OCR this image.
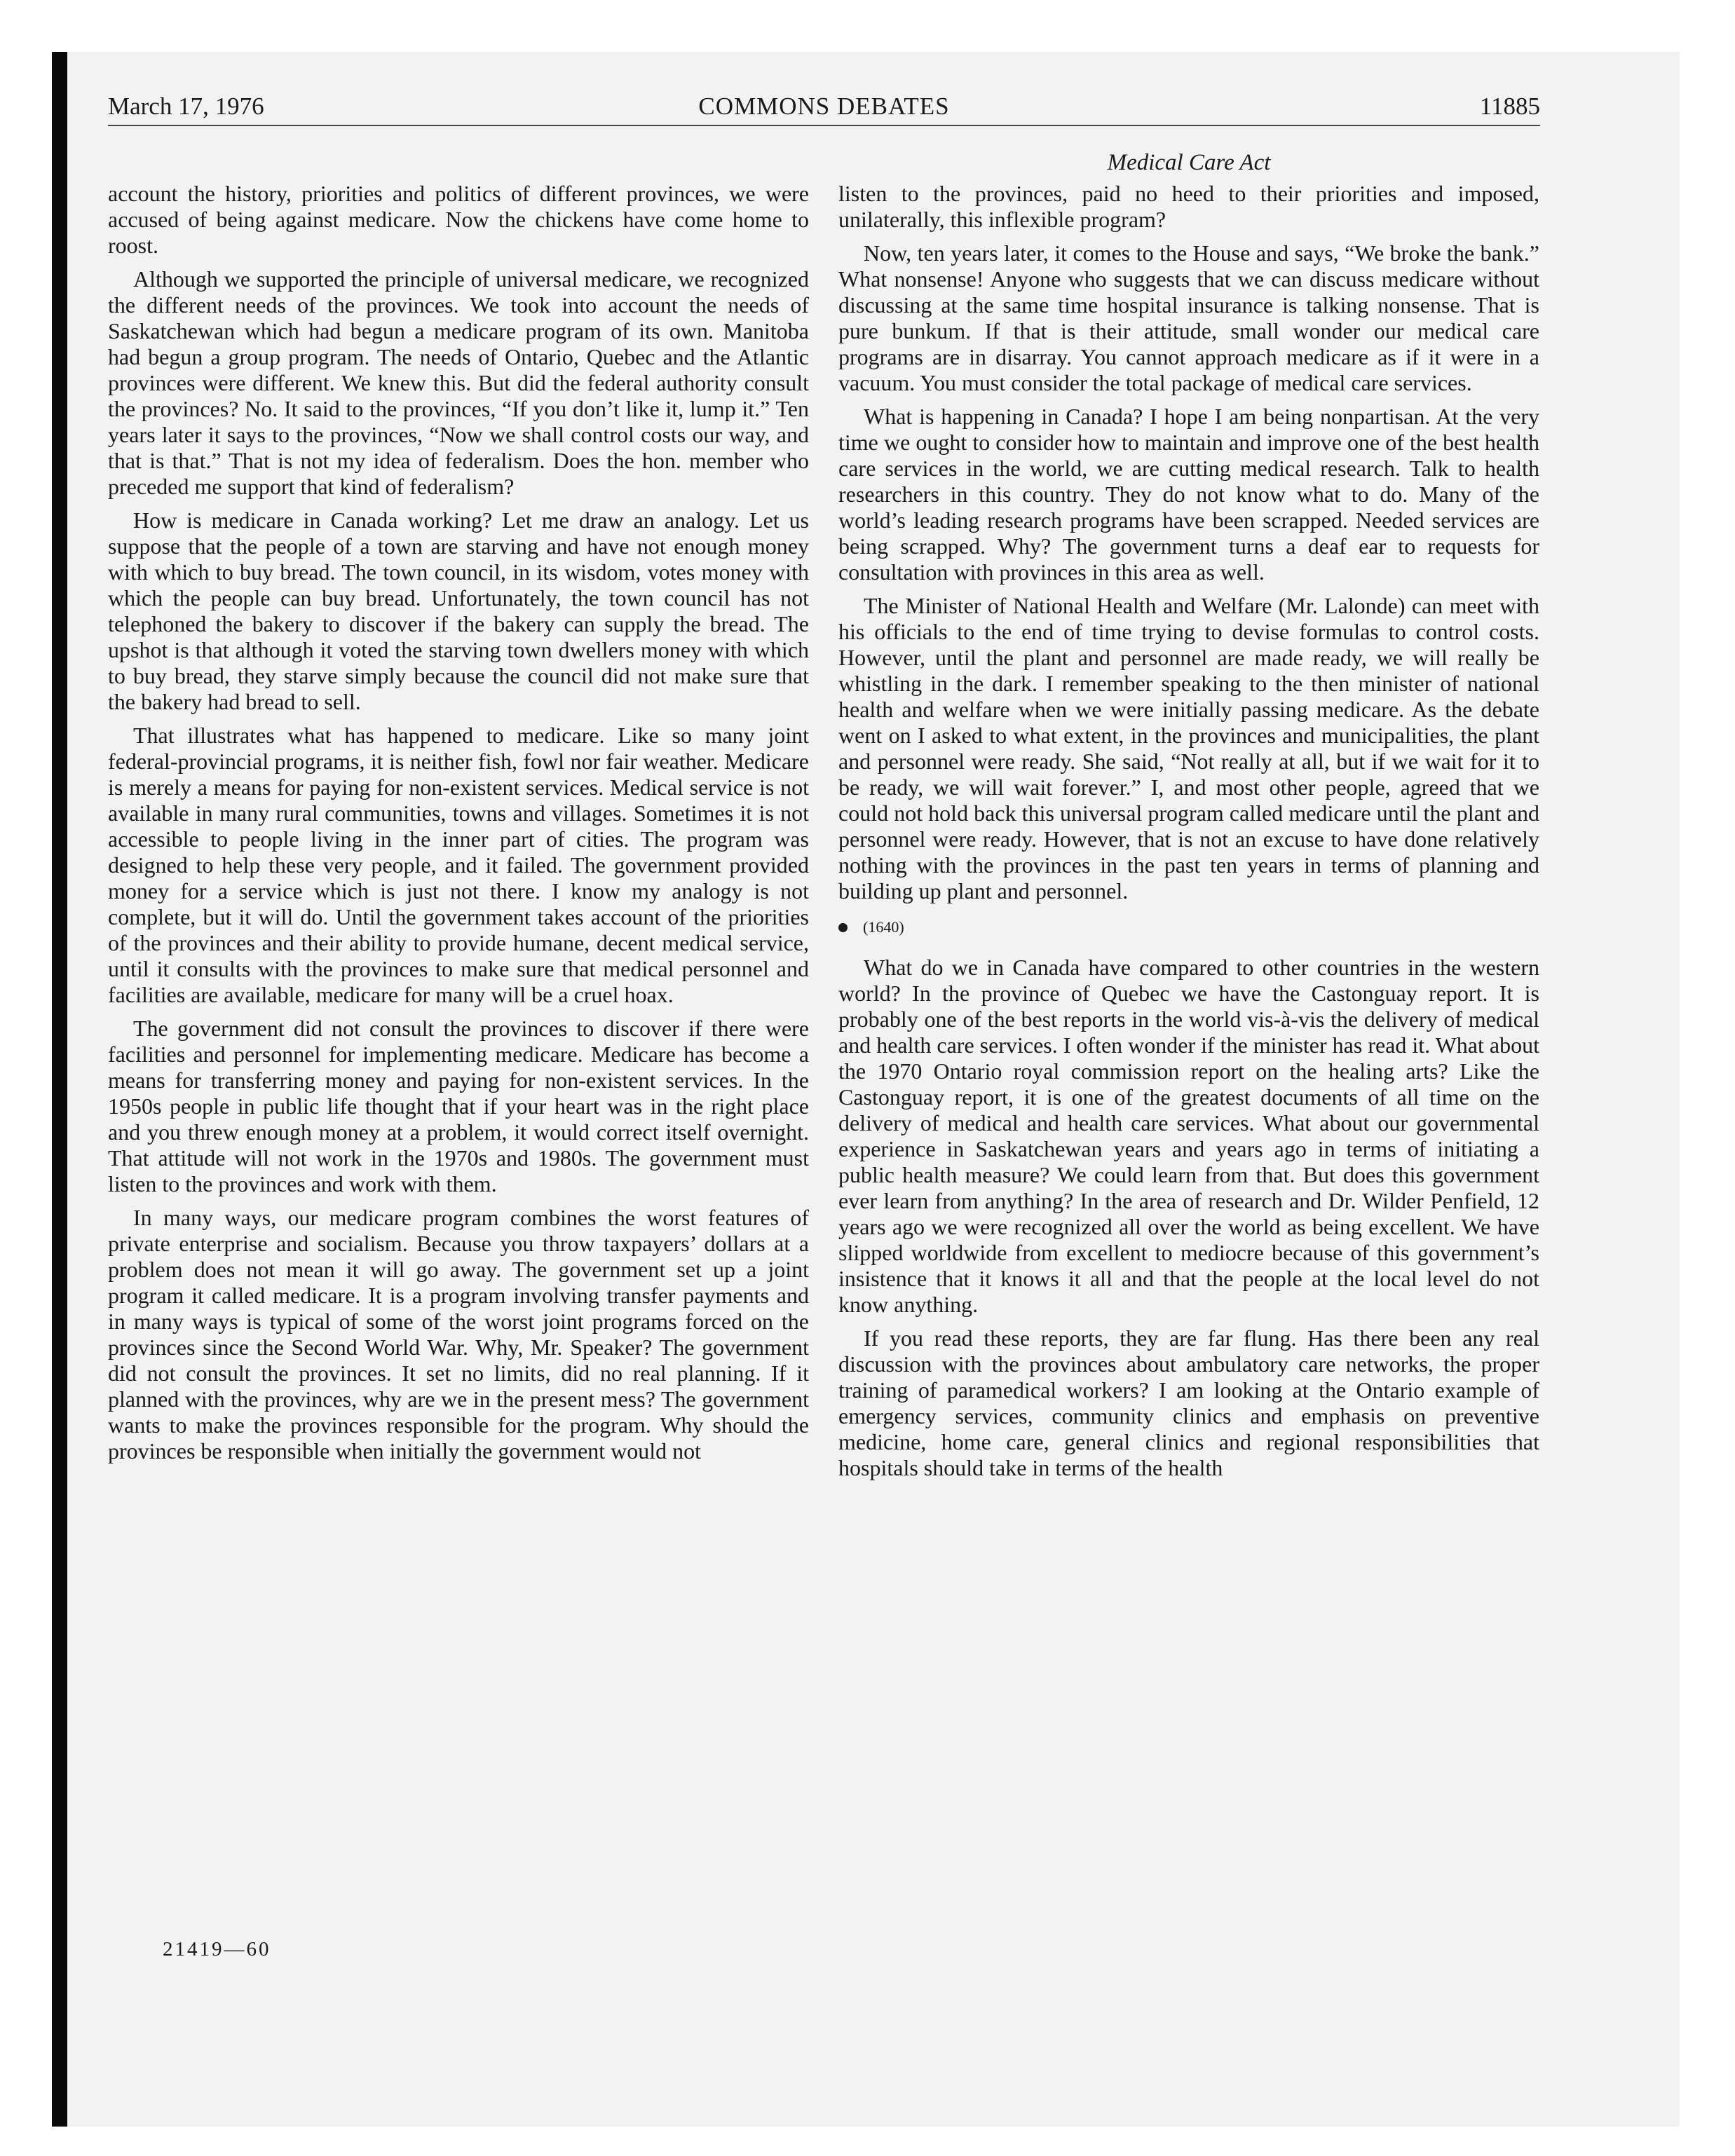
March 17, 1976	COMMONS DEBATES	11885
Medical Care Act

account the history, priorities and politics of different provinces, we were accused of being against medicare. Now the chickens have come home to roost.

Although we supported the principle of universal medicare, we recognized the different needs of the provinces. We took into account the needs of Saskatchewan which had begun a medicare program of its own. Manitoba had begun a group program. The needs of Ontario, Quebec and the Atlantic provinces were different. We knew this. But did the federal authority consult the provinces? No. It said to the provinces, “If you don’t like it, lump it.” Ten years later it says to the provinces, “Now we shall control costs our way, and that is that.” That is not my idea of federalism. Does the hon. member who preceded me support that kind of federalism?

How is medicare in Canada working? Let me draw an analogy. Let us suppose that the people of a town are starving and have not enough money with which to buy bread. The town council, in its wisdom, votes money with which the people can buy bread. Unfortunately, the town council has not telephoned the bakery to discover if the bakery can supply the bread. The upshot is that although it voted the starving town dwellers money with which to buy bread, they starve simply because the council did not make sure that the bakery had bread to sell.

That illustrates what has happened to medicare. Like so many joint federal-provincial programs, it is neither fish, fowl nor fair weather. Medicare is merely a means for paying for non-existent services. Medical service is not available in many rural communities, towns and villages. Sometimes it is not accessible to people living in the inner part of cities. The program was designed to help these very people, and it failed. The government provided money for a service which is just not there. I know my analogy is not complete, but it will do. Until the government takes account of the priorities of the provinces and their ability to provide humane, decent medical service, until it consults with the provinces to make sure that medical personnel and facilities are available, medicare for many will be a cruel hoax.

The government did not consult the provinces to discover if there were facilities and personnel for implementing medicare. Medicare has become a means for transferring money and paying for non-existent services. In the 1950s people in public life thought that if your heart was in the right place and you threw enough money at a problem, it would correct itself overnight. That attitude will not work in the 1970s and 1980s. The government must listen to the provinces and work with them.

In many ways, our medicare program combines the worst features of private enterprise and socialism. Because you throw taxpayers’ dollars at a problem does not mean it will go away. The government set up a joint program it called medicare. It is a program involving transfer payments and in many ways is typical of some of the worst joint programs forced on the provinces since the Second World War. Why, Mr. Speaker? The government did not consult the provinces. It set no limits, did no real planning. If it planned with the provinces, why are we in the present mess? The government wants to make the provinces responsible for the program. Why should the provinces be responsible when initially the government would not

listen to the provinces, paid no heed to their priorities and imposed, unilaterally, this inflexible program?

Now, ten years later, it comes to the House and says, “We broke the bank.” What nonsense! Anyone who suggests that we can discuss medicare without discussing at the same time hospital insurance is talking nonsense. That is pure bunkum. If that is their attitude, small wonder our medical care programs are in disarray. You cannot approach medicare as if it were in a vacuum. You must consider the total package of medical care services.

What is happening in Canada? I hope I am being nonpartisan. At the very time we ought to consider how to maintain and improve one of the best health care services in the world, we are cutting medical research. Talk to health researchers in this country. They do not know what to do. Many of the world’s leading research programs have been scrapped. Needed services are being scrapped. Why? The government turns a deaf ear to requests for consultation with provinces in this area as well.

The Minister of National Health and Welfare (Mr. Lalonde) can meet with his officials to the end of time trying to devise formulas to control costs. However, until the plant and personnel are made ready, we will really be whistling in the dark. I remember speaking to the then minister of national health and welfare when we were initially passing medicare. As the debate went on I asked to what extent, in the provinces and municipalities, the plant and personnel were ready. She said, “Not really at all, but if we wait for it to be ready, we will wait forever.” I, and most other people, agreed that we could not hold back this universal program called medicare until the plant and personnel were ready. However, that is not an excuse to have done relatively nothing with the provinces in the past ten years in terms of planning and building up plant and personnel.

(1640)

What do we in Canada have compared to other countries in the western world? In the province of Quebec we have the Castonguay report. It is probably one of the best reports in the world vis-à-vis the delivery of medical and health care services. I often wonder if the minister has read it. What about the 1970 Ontario royal commission report on the healing arts? Like the Castonguay report, it is one of the greatest documents of all time on the delivery of medical and health care services. What about our governmental experience in Saskatchewan years and years ago in terms of initiating a public health measure? We could learn from that. But does this government ever learn from anything? In the area of research and Dr. Wilder Penfield, 12 years ago we were recognized all over the world as being excellent. We have slipped worldwide from excellent to mediocre because of this government’s insistence that it knows it all and that the people at the local level do not know anything.

If you read these reports, they are far flung. Has there been any real discussion with the provinces about ambulatory care networks, the proper training of paramedical workers? I am looking at the Ontario example of emergency services, community clinics and emphasis on preventive medicine, home care, general clinics and regional responsibilities that hospitals should take in terms of the health

21419—60
